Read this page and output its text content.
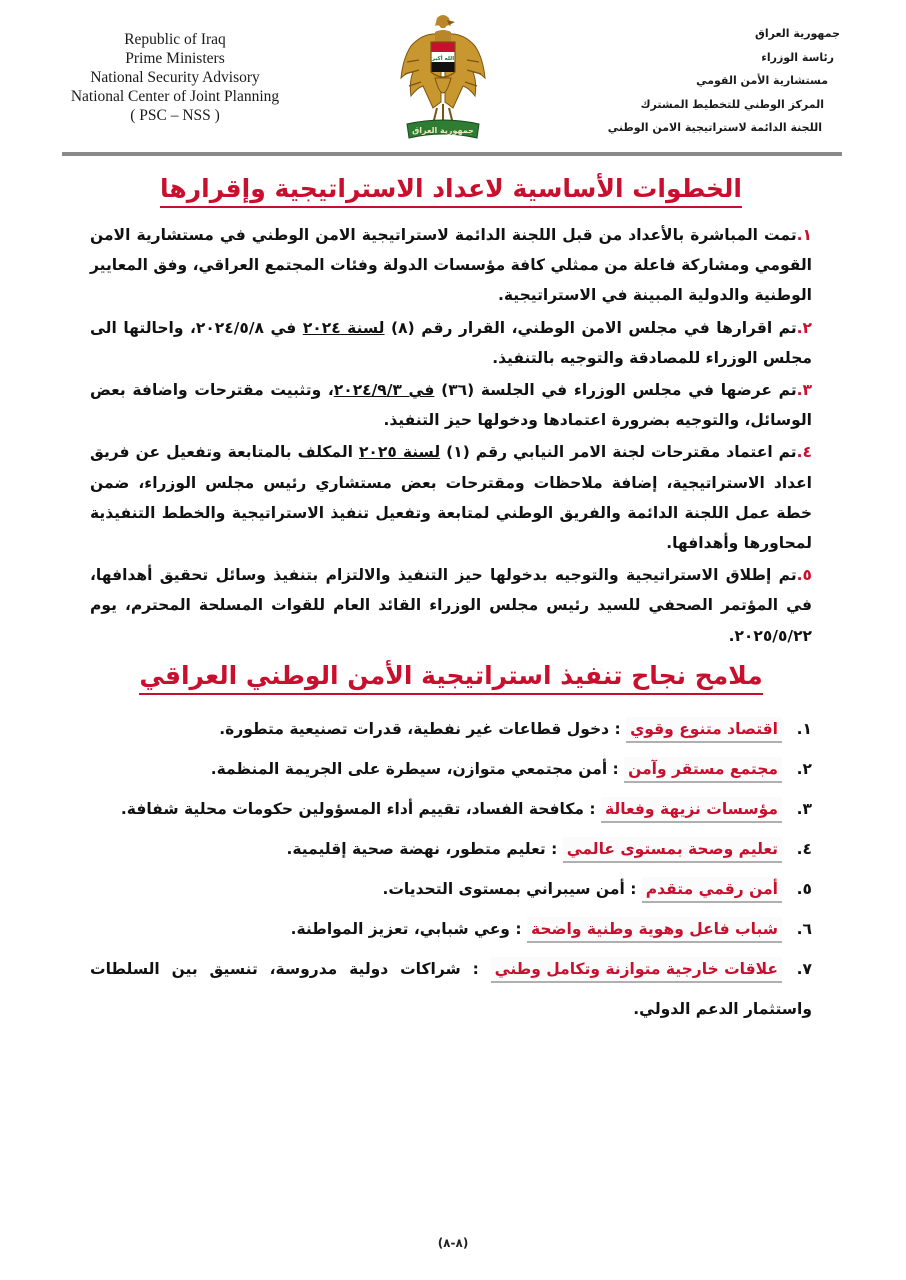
Republic of Iraq
Prime Ministers
National Security Advisory
National Center of Joint Planning
( PSC – NSS )
الله أكبر
جمهورية العراق
جمهورية العراق
رئاسة الوزراء
مستشارية الأمن القومي
المركز الوطني للتخطيط المشترك
اللجنة الدائمة لاستراتيجية الامن الوطني
الخطوات الأساسية لاعداد الاستراتيجية وإقرارها
١.تمت المباشرة بالأعداد من قبل اللجنة الدائمة لاستراتيجية الامن الوطني في مستشارية الامن القومي ومشاركة فاعلة من ممثلي كافة مؤسسات الدولة وفئات المجتمع العراقي، وفق المعايير الوطنية والدولية المبينة في الاستراتيجية.
٢.تم اقرارها في مجلس الامن الوطني، القرار رقم (٨) لسنة ٢٠٢٤ في ٢٠٢٤/٥/٨، واحالتها الى مجلس الوزراء للمصادقة والتوجيه بالتنفيذ.
٣.تم عرضها في مجلس الوزراء في الجلسة (٣٦) في ٢٠٢٤/٩/٣، وتثبيت مقترحات واضافة بعض الوسائل، والتوجيه بضرورة اعتمادها ودخولها حيز التنفيذ.
٤.تم اعتماد مقترحات لجنة الامر النيابي رقم (١) لسنة ٢٠٢٥ المكلف بالمتابعة وتفعيل عن فريق اعداد الاستراتيجية، إضافة ملاحظات ومقترحات بعض مستشاري رئيس مجلس الوزراء، ضمن خطة عمل اللجنة الدائمة والفريق الوطني لمتابعة وتفعيل تنفيذ الاستراتيجية والخطط التنفيذية لمحاورها وأهدافها.
٥.تم إطلاق الاستراتيجية والتوجيه بدخولها حيز التنفيذ والالتزام بتنفيذ وسائل تحقيق أهدافها، في المؤتمر الصحفي للسيد رئيس مجلس الوزراء القائد العام للقوات المسلحة المحترم، يوم ٢٠٢٥/٥/٢٢.
ملامح نجاح تنفيذ استراتيجية الأمن الوطني العراقي
١.اقتصاد متنوع وقوي : دخول قطاعات غير نفطية، قدرات تصنيعية متطورة.
٢.مجتمع مستقر وآمن : أمن مجتمعي متوازن، سيطرة على الجريمة المنظمة.
٣.مؤسسات نزيهة وفعالة : مكافحة الفساد، تقييم أداء المسؤولين حكومات محلية شفافة.
٤.تعليم وصحة بمستوى عالمي : تعليم متطور، نهضة صحية إقليمية.
٥.أمن رقمي متقدم : أمن سيبراني بمستوى التحديات.
٦.شباب فاعل وهوية وطنية واضحة : وعي شبابي، تعزيز المواطنة.
٧.علاقات خارجية متوازنة وتكامل وطني : شراكات دولية مدروسة، تنسيق بين السلطات واستثمار الدعم الدولي.
(٨-٨)
